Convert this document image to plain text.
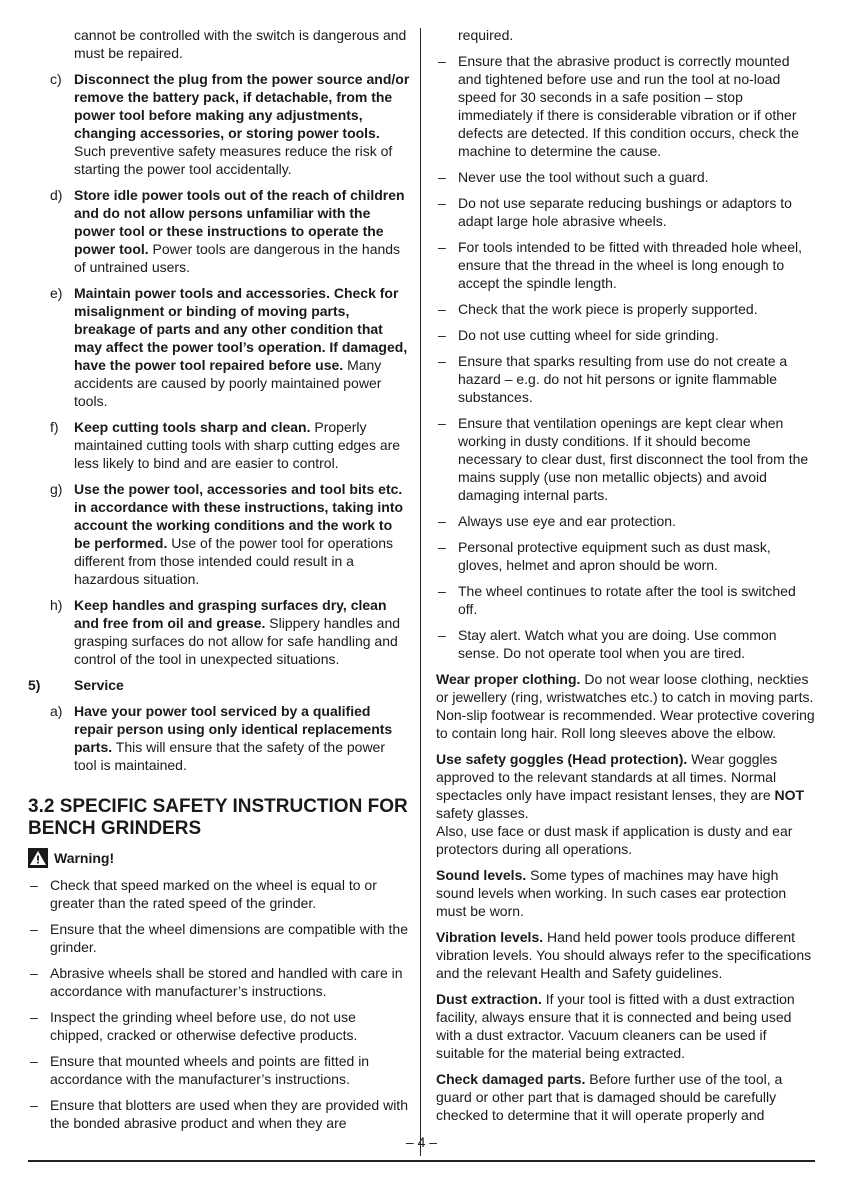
cannot be controlled with the switch is dangerous and must be repaired.

c) Disconnect the plug from the power source and/or remove the battery pack, if detachable, from the power tool before making any adjustments, changing accessories, or storing power tools. Such preventive safety measures reduce the risk of starting the power tool accidentally.
d) Store idle power tools out of the reach of children and do not allow persons unfamiliar with the power tool or these instructions to operate the power tool. Power tools are dangerous in the hands of untrained users.
e) Maintain power tools and accessories. Check for misalignment or binding of moving parts, breakage of parts and any other condition that may affect the power tool’s operation. If damaged, have the power tool repaired before use. Many accidents are caused by poorly maintained power tools.
f) Keep cutting tools sharp and clean. Properly maintained cutting tools with sharp cutting edges are less likely to bind and are easier to control.
g) Use the power tool, accessories and tool bits etc. in accordance with these instructions, taking into account the working conditions and the work to be performed. Use of the power tool for operations different from those intended could result in a hazardous situation.
h) Keep handles and grasping surfaces dry, clean and free from oil and grease. Slippery handles and grasping surfaces do not allow for safe handling and control of the tool in unexpected situations.
5) Service
a) Have your power tool serviced by a qualified repair person using only identical replacements parts. This will ensure that the safety of the power tool is maintained.
3.2 SPECIFIC SAFETY INSTRUCTION FOR BENCH GRINDERS
Warning!
– Check that speed marked on the wheel is equal to or greater than the rated speed of the grinder.
– Ensure that the wheel dimensions are compatible with the grinder.
– Abrasive wheels shall be stored and handled with care in accordance with manufacturer’s instructions.
– Inspect the grinding wheel before use, do not use chipped, cracked or otherwise defective products.
– Ensure that mounted wheels and points are fitted in accordance with the manufacturer’s instructions.
– Ensure that blotters are used when they are provided with the bonded abrasive product and when they are

required.

– Ensure that the abrasive product is correctly mounted and tightened before use and run the tool at no-load speed for 30 seconds in a safe position – stop immediately if there is considerable vibration or if other defects are detected. If this condition occurs, check the machine to determine the cause.
– Never use the tool without such a guard.
– Do not use separate reducing bushings or adaptors to adapt large hole abrasive wheels.
– For tools intended to be fitted with threaded hole wheel, ensure that the thread in the wheel is long enough to accept the spindle length.
– Check that the work piece is properly supported.
– Do not use cutting wheel for side grinding.
– Ensure that sparks resulting from use do not create a hazard – e.g. do not hit persons or ignite flammable substances.
– Ensure that ventilation openings are kept clear when working in dusty conditions. If it should become necessary to clear dust, first disconnect the tool from the mains supply (use non metallic objects) and avoid damaging internal parts.
– Always use eye and ear protection.
– Personal protective equipment such as dust mask, gloves, helmet and apron should be worn.
– The wheel continues to rotate after the tool is switched off.
– Stay alert. Watch what you are doing. Use common sense. Do not operate tool when you are tired.

Wear proper clothing. Do not wear loose clothing, neckties or jewellery (ring, wristwatches etc.) to catch in moving parts. Non-slip footwear is recommended. Wear protective covering to contain long hair. Roll long sleeves above the elbow.

Use safety goggles (Head protection). Wear goggles approved to the relevant standards at all times. Normal spectacles only have impact resistant lenses, they are NOT safety glasses.

Also, use face or dust mask if application is dusty and ear protectors during all operations.

Sound levels. Some types of machines may have high sound levels when working. In such cases ear protection must be worn.

Vibration levels. Hand held power tools produce different vibration levels. You should always refer to the specifications and the relevant Health and Safety guidelines.

Dust extraction. If your tool is fitted with a dust extraction facility, always ensure that it is connected and being used with a dust extractor. Vacuum cleaners can be used if suitable for the material being extracted.

Check damaged parts. Before further use of the tool, a guard or other part that is damaged should be carefully checked to determine that it will operate properly and

– 4 –
